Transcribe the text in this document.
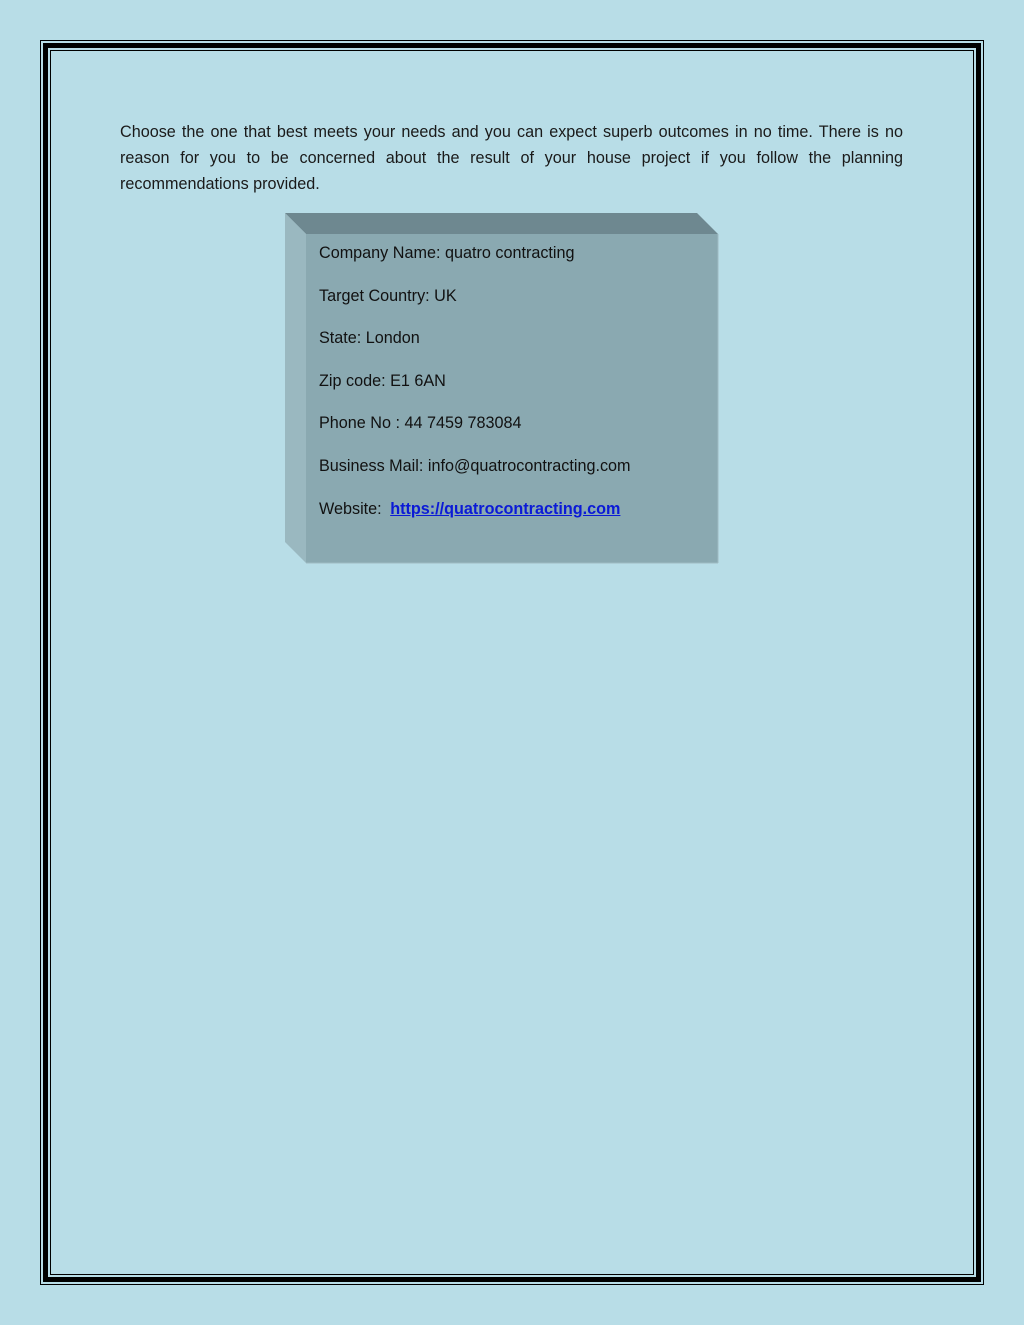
Choose the one that best meets your needs and you can expect superb outcomes in no time. There is no reason for you to be concerned about the result of your house project if you follow the planning recommendations provided.

Company Name: quatro contracting
Target Country: UK
State: London
Zip code: E1 6AN
Phone No : 44 7459 783084
Business Mail: info@quatrocontracting.com
Website: https://quatrocontracting.com
